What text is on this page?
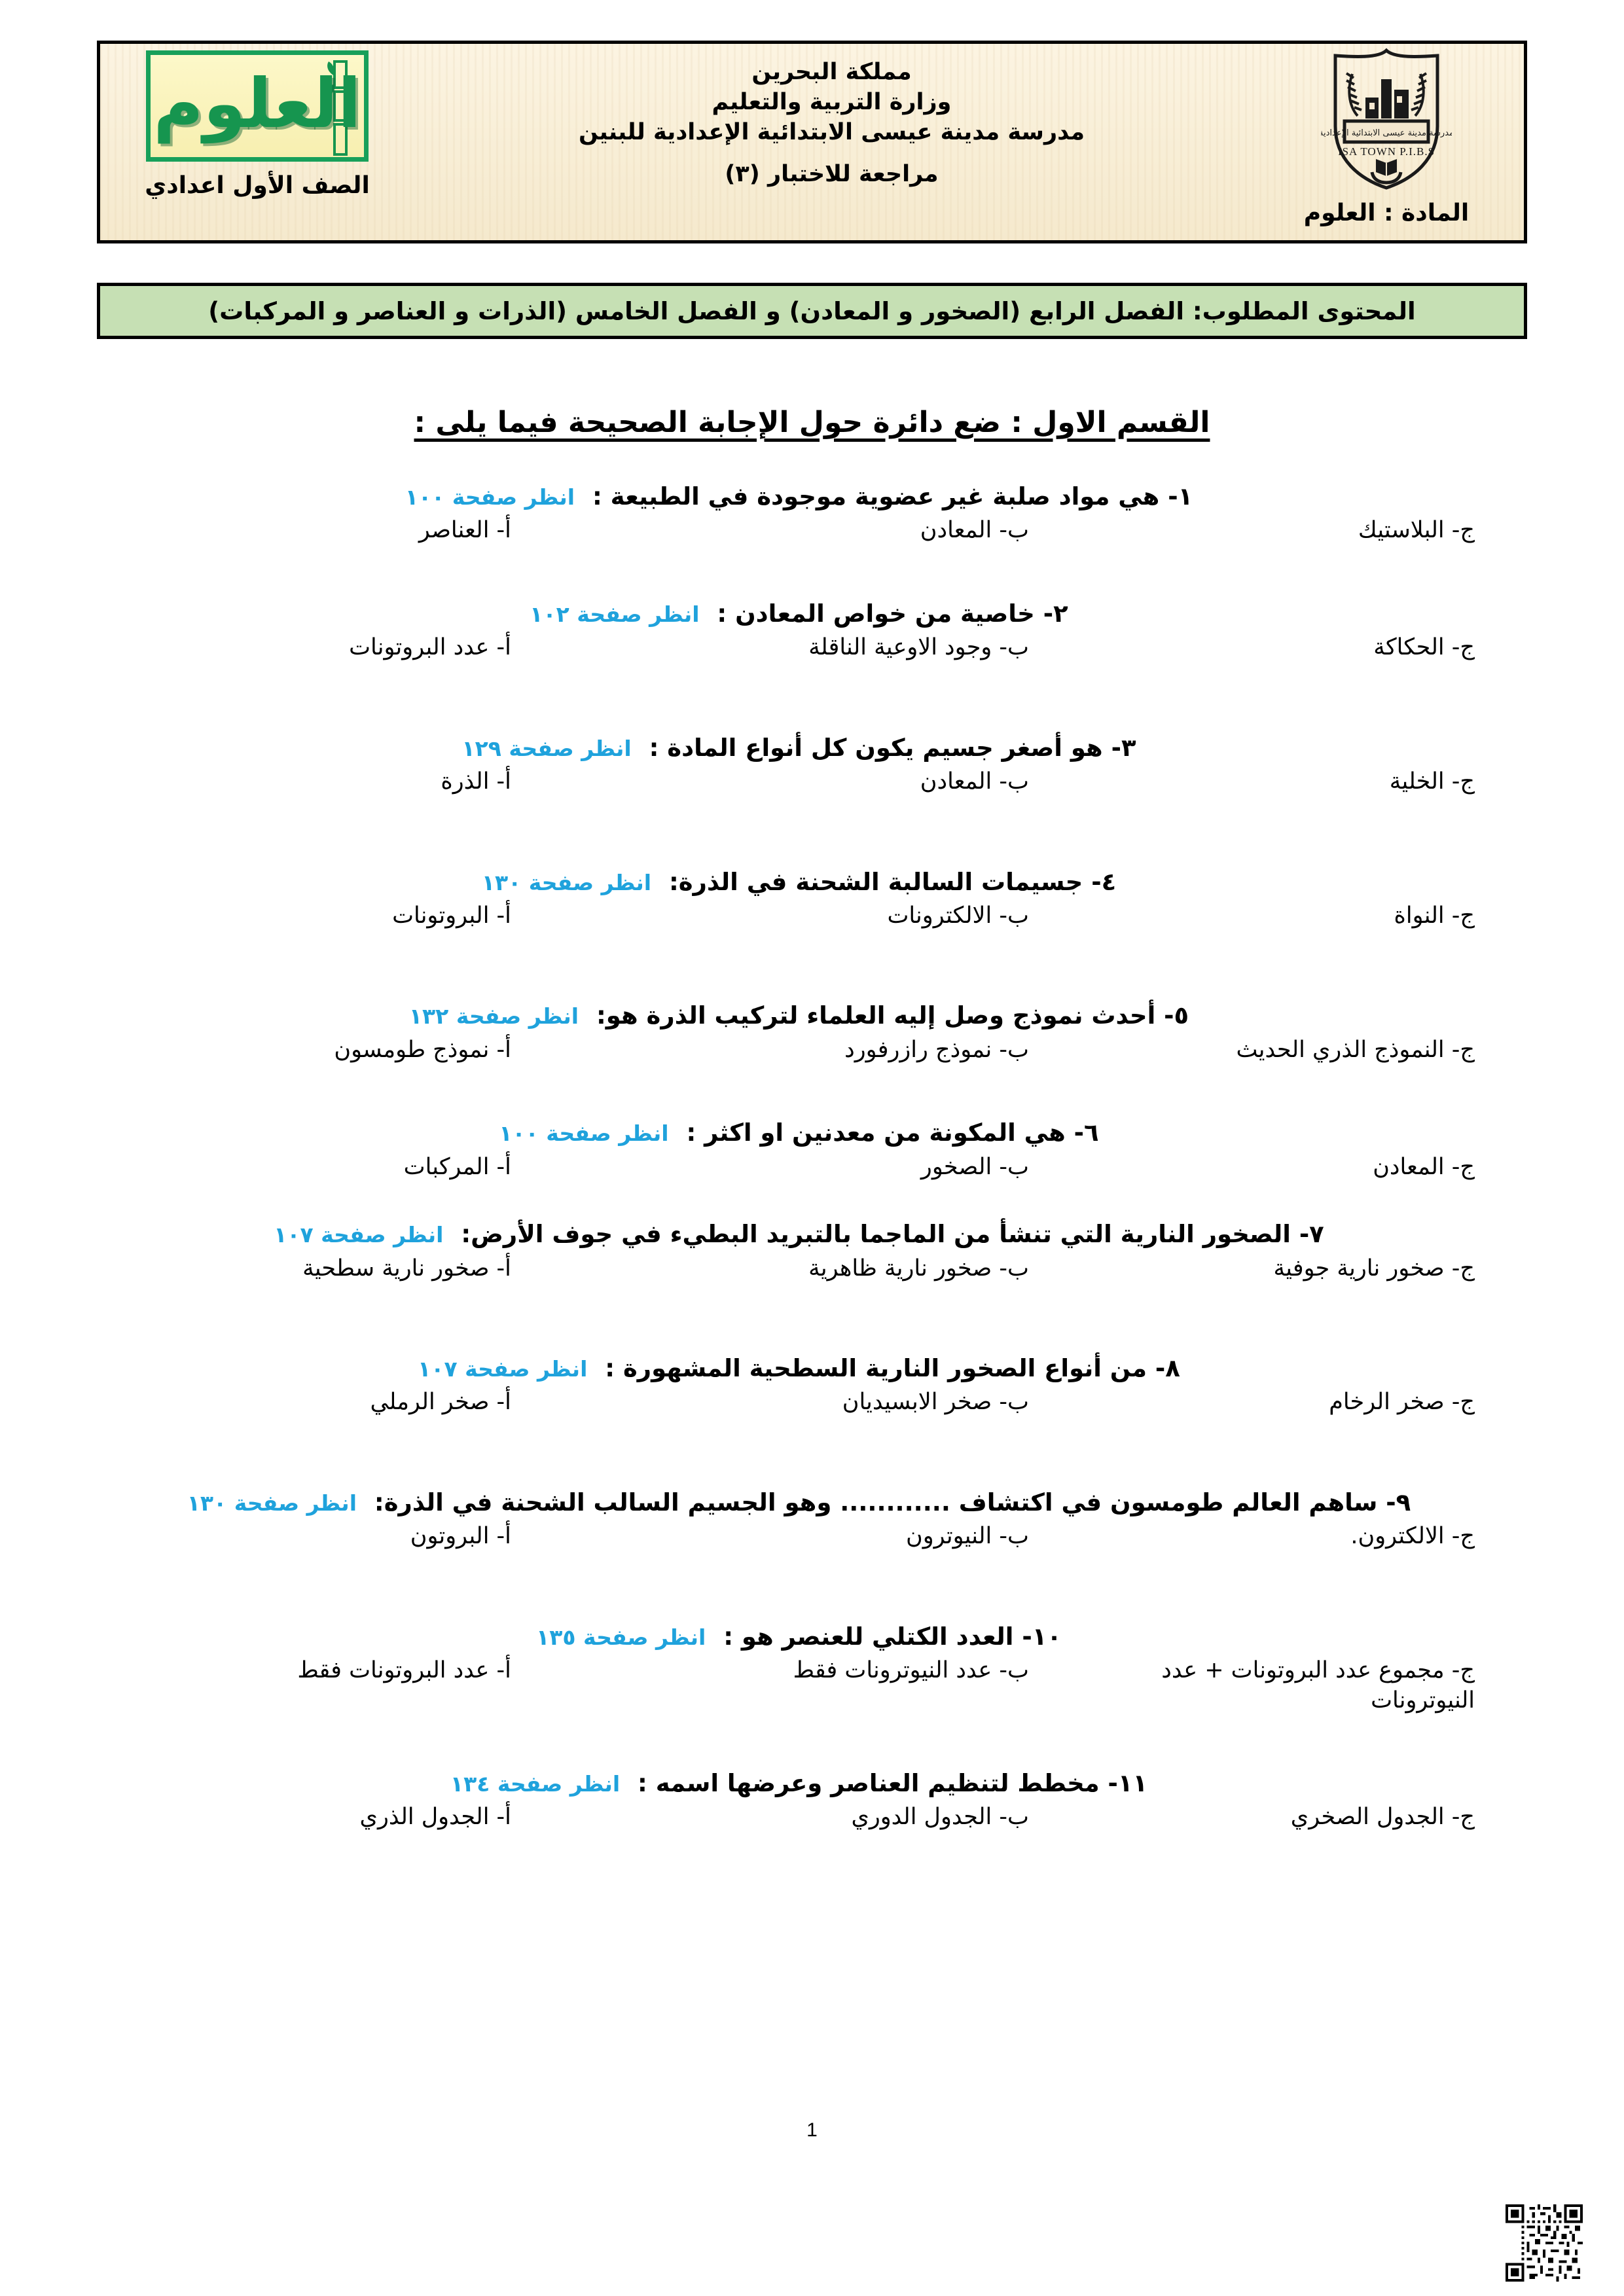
مدرسة مدينة عيسى الابتدائية الإعدادية
ISA TOWN P.I.B.S
المادة : العلوم
مملكة البحرين
وزارة التربية والتعليم
مدرسة مدينة عيسى الابتدائية الإعدادية للبنين
مراجعة للاختبار (٣)
العلوم
الصف الأول اعدادي
المحتوى المطلوب: الفصل الرابع (الصخور و المعادن) و الفصل الخامس (الذرات و العناصر و المركبات)
القسم الاول : ضع دائرة حول الإجابة الصحيحة فيما يلى :
١- هي مواد صلبة غير عضوية موجودة في الطبيعة : انظر صفحة ١٠٠
ج- البلاستيك
ب- المعادن
أ- العناصر
٢- خاصية من خواص المعادن : انظر صفحة ١٠٢
ج- الحكاكة
ب- وجود الاوعية الناقلة
أ- عدد البروتونات
٣- هو أصغر جسيم يكون كل أنواع المادة : انظر صفحة ١٢٩
ج- الخلية
ب- المعادن
أ- الذرة
٤- جسيمات السالبة الشحنة في الذرة: انظر صفحة ١٣٠
ج- النواة
ب- الالكترونات
أ- البروتونات
٥- أحدث نموذج وصل إليه العلماء لتركيب الذرة هو: انظر صفحة ١٣٢
ج- النموذج الذري الحديث
ب- نموذج رازرفورد
أ- نموذج طومسون
٦- هي المكونة من معدنين او اكثر : انظر صفحة ١٠٠
ج- المعادن
ب- الصخور
أ- المركبات
٧- الصخور النارية التي تنشأ من الماجما بالتبريد البطيء في جوف الأرض: انظر صفحة ١٠٧
ج- صخور نارية جوفية
ب- صخور نارية ظاهرية
أ- صخور نارية سطحية
٨- من أنواع الصخور النارية السطحية المشهورة : انظر صفحة ١٠٧
ج- صخر الرخام
ب- صخر الابسيديان
أ- صخر الرملي
٩- ساهم العالم طومسون في اكتشاف ............ وهو الجسيم السالب الشحنة في الذرة: انظر صفحة ١٣٠
ج- الالكترون.
ب- النيوترون
أ- البروتون
١٠- العدد الكتلي للعنصر هو : انظر صفحة ١٣٥
ج- مجموع عدد البروتونات + عدد النيوترونات
ب- عدد النيوترونات فقط
أ- عدد البروتونات فقط
١١- مخطط لتنظيم العناصر وعرضها اسمه : انظر صفحة ١٣٤
ج- الجدول الصخري
ب- الجدول الدوري
أ- الجدول الذري
1
